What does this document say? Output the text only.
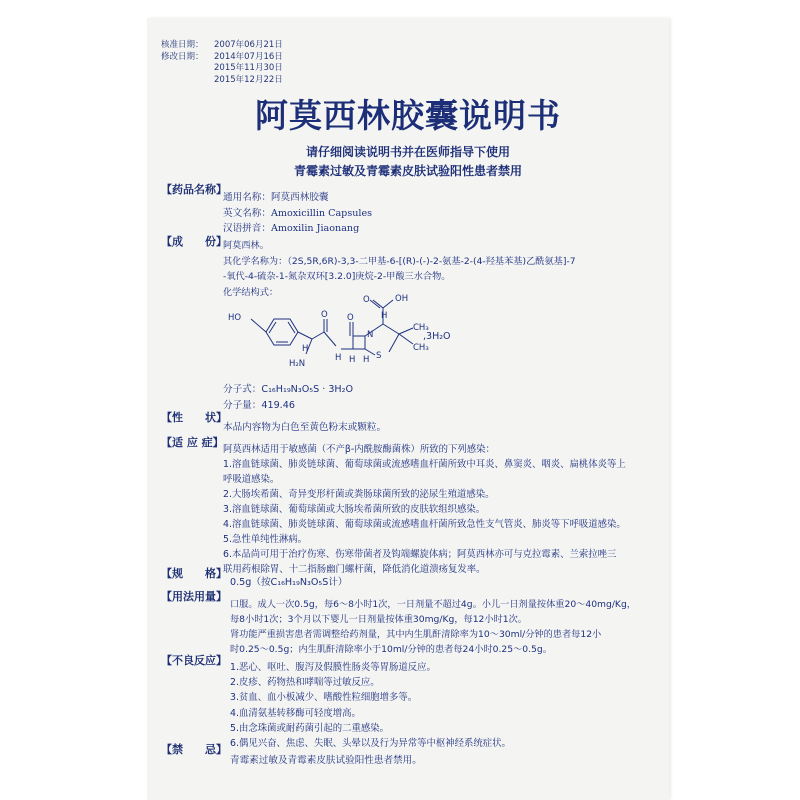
核准日期：	2007年06月21日
修改日期：	2014年07月16日
2015年11月30日
2015年12月22日
阿莫西林胶囊说明书
请仔细阅读说明书并在医师指导下使用
青霉素过敏及青霉素皮肤试验阳性患者禁用
【药品名称】

通用名称：阿莫西林胶囊

英文名称：Amoxicillin Capsules

汉语拼音：Amoxilin Jiaonang

【成　　份】

阿莫西林。

其化学名称为：（2S,5R,6R)-3,3-二甲基-6-[(R)-(-)-2-氨基-2-(4-羟基苯基)乙酰氨基]-7

-氧代-4-硫杂-1-氮杂双环[3.2.0]庚烷-2-甲酸三水合物。

化学结构式：

HO
OH
O
O O
H₂N
H
N
S
CH₃
CH₃
H
H H
H
,3H₂O

分子式：C₁₆H₁₉N₃O₅S · 3H₂O

分子量：419.46

【性　　状】

本品内容物为白色至黄色粉末或颗粒。

【适 应 症】

阿莫西林适用于敏感菌（不产β-内酰胺酶菌株）所致的下列感染：

1.溶血链球菌、肺炎链球菌、葡萄球菌或流感嗜血杆菌所致中耳炎、鼻窦炎、咽炎、扁桃体炎等上

呼吸道感染。

2.大肠埃希菌、奇异变形杆菌或粪肠球菌所致的泌尿生殖道感染。

3.溶血链球菌、葡萄球菌或大肠埃希菌所致的皮肤软组织感染。

4.溶血链球菌、肺炎链球菌、葡萄球菌或流感嗜血杆菌所致急性支气管炎、肺炎等下呼吸道感染。

5.急性单纯性淋病。

6.本品尚可用于治疗伤寒、伤寒带菌者及钩端螺旋体病；阿莫西林亦可与克拉霉素、兰索拉唑三

联用药根除胃、十二指肠幽门螺杆菌，降低消化道溃疡复发率。

【规　　格】

0.5g（按C₁₆H₁₉N₃O₅S计）

【用法用量】

口服。成人一次0.5g，每6～8小时1次，一日剂量不超过4g。小儿一日剂量按体重20～40mg/Kg，

每8小时1次；3个月以下婴儿一日剂量按体重30mg/Kg，每12小时1次。

肾功能严重损害患者需调整给药剂量，其中内生肌酐清除率为10～30ml/分钟的患者每12小

时0.25～0.5g；内生肌酐清除率小于10ml/分钟的患者每24小时0.25～0.5g。

【不良反应】

1.恶心、呕吐、腹泻及假膜性肠炎等胃肠道反应。

2.皮疹、药物热和哮喘等过敏反应。

3.贫血、血小板减少、嗜酸性粒细胞增多等。

4.血清氨基转移酶可轻度增高。

5.由念珠菌或耐药菌引起的二重感染。

6.偶见兴奋、焦虑、失眠、头晕以及行为异常等中枢神经系统症状。

【禁　　忌】

青霉素过敏及青霉素皮肤试验阳性患者禁用。
